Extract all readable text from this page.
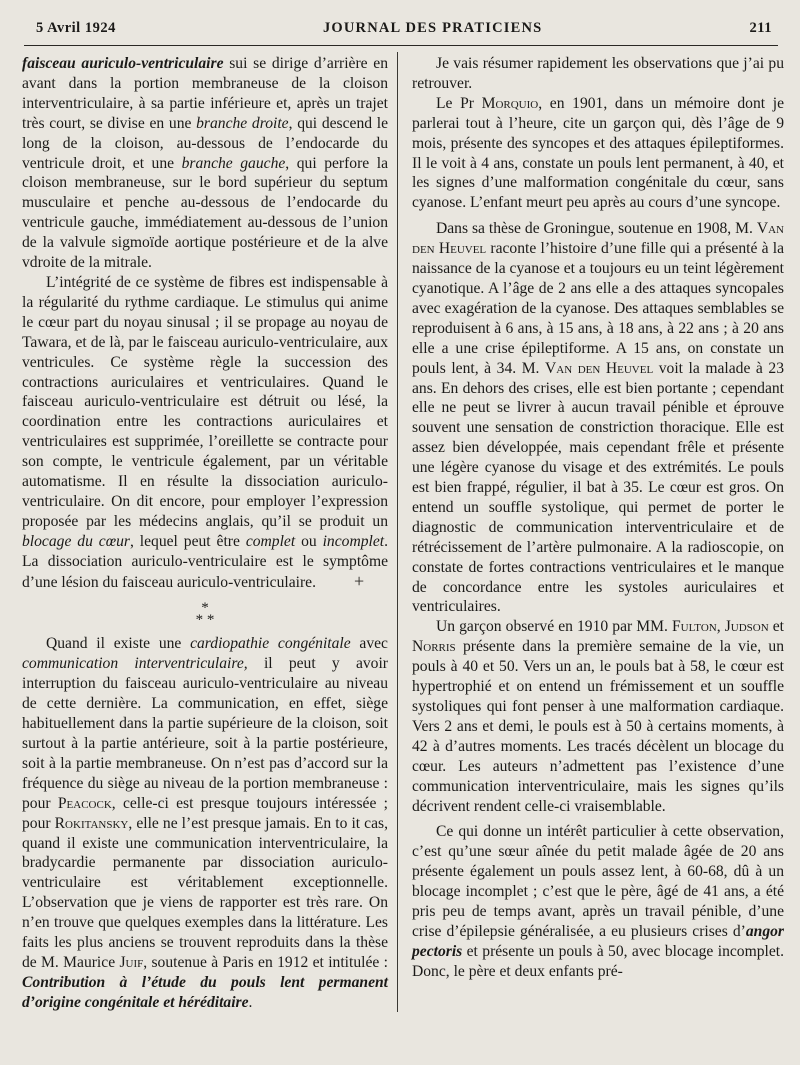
5 Avril 1924	JOURNAL DES PRATICIENS	211

faisceau auriculo-ventriculaire sui se dirige d’arrière en avant dans la portion membraneuse de la cloison interventriculaire, à sa partie inférieure et, après un trajet très court, se divise en une branche droite, qui descend le long de la cloison, au-dessous de l’endocarde du ventricule droit, et une branche gauche, qui perfore la cloison membraneuse, sur le bord supérieur du septum musculaire et penche au-dessous de l’endocarde du ventricule gauche, immédiatement au-dessous de l’union de la valvule sigmoïde aortique postérieure et de la alve vdroite de la mitrale.

L’intégrité de ce système de fibres est indispensable à la régularité du rythme cardiaque. Le stimulus qui anime le cœur part du noyau sinusal ; il se propage au noyau de Tawara, et de là, par le faisceau auriculo-ventriculaire, aux ventricules. Ce système règle la succession des contractions auriculaires et ventriculaires. Quand le faisceau auriculo-ventriculaire est détruit ou lésé, la coordination entre les contractions auriculaires et ventriculaires est supprimée, l’oreillette se contracte pour son compte, le ventricule également, par un véritable automatisme. Il en résulte la dissociation auriculo-ventriculaire. On dit encore, pour employer l’expression proposée par les médecins anglais, qu’il se produit un blocage du cœur, lequel peut être complet ou incomplet. La dissociation auriculo-ventriculaire est le symptôme d’une lésion du faisceau auriculo-ventriculaire. +

*
* *

Quand il existe une cardiopathie congénitale avec communication interventriculaire, il peut y avoir interruption du faisceau auriculo-ventriculaire au niveau de cette dernière. La communication, en effet, siège habituellement dans la partie supérieure de la cloison, soit surtout à la partie antérieure, soit à la partie postérieure, soit à la partie membraneuse. On n’est pas d’accord sur la fréquence du siège au niveau de la portion membraneuse : pour Peacock, celle-ci est presque toujours intéressée ; pour Rokitansky, elle ne l’est presque jamais. En to it cas, quand il existe une communication interventriculaire, la bradycardie permanente par dissociation auriculo-ventriculaire est véritablement exceptionnelle. L’observation que je viens de rapporter est très rare. On n’en trouve que quelques exemples dans la littérature. Les faits les plus anciens se trouvent reproduits dans la thèse de M. Maurice Juif, soutenue à Paris en 1912 et intitulée : Contribution à l’étude du pouls lent permanent d’origine congénitale et héréditaire.

Je vais résumer rapidement les observations que j’ai pu retrouver.

Le Pr Morquio, en 1901, dans un mémoire dont je parlerai tout à l’heure, cite un garçon qui, dès l’âge de 9 mois, présente des syncopes et des attaques épileptiformes. Il le voit à 4 ans, constate un pouls lent permanent, à 40, et les signes d’une malformation congénitale du cœur, sans cyanose. L’enfant meurt peu après au cours d’une syncope.

Dans sa thèse de Groningue, soutenue en 1908, M. Van den Heuvel raconte l’histoire d’une fille qui a présenté à la naissance de la cyanose et a toujours eu un teint légèrement cyanotique. A l’âge de 2 ans elle a des attaques syncopales avec exagération de la cyanose. Des attaques semblables se reproduisent à 6 ans, à 15 ans, à 18 ans, à 22 ans ; à 20 ans elle a une crise épileptiforme. A 15 ans, on constate un pouls lent, à 34. M. Van den Heuvel voit la malade à 23 ans. En dehors des crises, elle est bien portante ; cependant elle ne peut se livrer à aucun travail pénible et éprouve souvent une sensation de constriction thoracique. Elle est assez bien développée, mais cependant frêle et présente une légère cyanose du visage et des extrémités. Le pouls est bien frappé, régulier, il bat à 35. Le cœur est gros. On entend un souffle systolique, qui permet de porter le diagnostic de communication interventriculaire et de rétrécissement de l’artère pulmonaire. A la radioscopie, on constate de fortes contractions ventriculaires et le manque de concordance entre les systoles auriculaires et ventriculaires.

Un garçon observé en 1910 par MM. Fulton, Judson et Norris présente dans la première semaine de la vie, un pouls à 40 et 50. Vers un an, le pouls bat à 58, le cœur est hypertrophié et on entend un frémissement et un souffle systoliques qui font penser à une malformation cardiaque. Vers 2 ans et demi, le pouls est à 50 à certains moments, à 42 à d’autres moments. Les tracés décèlent un blocage du cœur. Les auteurs n’admettent pas l’existence d’une communication interventriculaire, mais les signes qu’ils décrivent rendent celle-ci vraisemblable.

Ce qui donne un intérêt particulier à cette observation, c’est qu’une sœur aînée du petit malade âgée de 20 ans présente également un pouls assez lent, à 60-68, dû à un blocage incomplet ; c’est que le père, âgé de 41 ans, a été pris peu de temps avant, après un travail pénible, d’une crise d’épilepsie généralisée, a eu plusieurs crises d’angor pectoris et présente un pouls à 50, avec blocage incomplet. Donc, le père et deux enfants pré-
